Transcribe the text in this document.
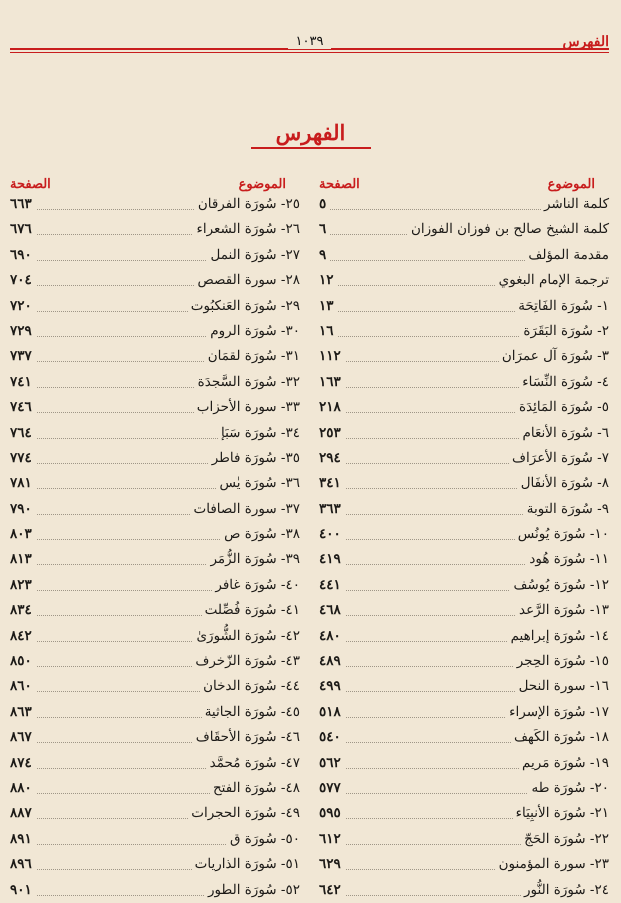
الفهرس
١٠٣٩
الفهرس
الموضوع
الصفحة
كلمة الناشر
٥
كلمة الشيخ صالح بن فوزان الفوزان
٦
مقدمة المؤلف
٩
ترجمة الإمام البغوي
١٢
١- سُورَة الفَاتِحَة
١٣
٢- سُورَة البَقَرَة
١٦
٣- سُورَة آل عمرَان
١١٢
٤- سُورَة النِّسَاء
١٦٣
٥- سُورَة المَائِدَة
٢١٨
٦- سُورَة الأنعَام
٢٥٣
٧- سُورَة الأعرَاف
٢٩٤
٨- سُورَة الأنفَال
٣٤١
٩- سُورَة التوبة
٣٦٣
١٠- سُورَة يُونُس
٤٠٠
١١- سُورَة هُود
٤١٩
١٢- سُورَة يُوسُف
٤٤١
١٣- سُورَة الرَّعد
٤٦٨
١٤- سُورَة إبراهيم
٤٨٠
١٥- سُورَة الحِجر
٤٨٩
١٦- سورة النحل
٤٩٩
١٧- سُورَة الإسراء
٥١٨
١٨- سُورَة الكَهف
٥٤٠
١٩- سُورَة مَريم
٥٦٢
٢٠- سُورَة طه
٥٧٧
٢١- سُورَة الأنبِيَاء
٥٩٥
٢٢- سُورَة الحَجّ
٦١٢
٢٣- سورة المؤمنون
٦٢٩
٢٤- سُورَة النُّور
٦٤٢
الموضوع
الصفحة
٢٥- سُورَة الفرقان
٦٦٣
٢٦- سُورَة الشعراء
٦٧٦
٢٧- سُورَة النمل
٦٩٠
٢٨- سورة القصص
٧٠٤
٢٩- سُورَة العَنكبُوت
٧٢٠
٣٠- سُورَة الروم
٧٢٩
٣١- سُورَة لقمَان
٧٣٧
٣٢- سُورَة السَّجدَة
٧٤١
٣٣- سورة الأحزاب
٧٤٦
٣٤- سُورَة سَبَإ
٧٦٤
٣٥- سُورَة فاطر
٧٧٤
٣٦- سُورَة يٰس
٧٨١
٣٧- سورة الصافات
٧٩٠
٣٨- سُورَة ص
٨٠٣
٣٩- سُورَة الزُّمَر
٨١٣
٤٠- سُورَة غافر
٨٢٣
٤١- سُورَة فُصِّلت
٨٣٤
٤٢- سُورَة الشُّورَىٰ
٨٤٢
٤٣- سُورَة الزّخرف
٨٥٠
٤٤- سُورَة الدخان
٨٦٠
٤٥- سُورَة الجاثية
٨٦٣
٤٦- سُورَة الأحقَاف
٨٦٧
٤٧- سُورَة مُحمَّد
٨٧٤
٤٨- سُورَة الفتح
٨٨٠
٤٩- سُورَة الحجرات
٨٨٧
٥٠- سُورَة ق
٨٩١
٥١- سُورَة الذاريات
٨٩٦
٥٢- سُورَة الطور
٩٠١
